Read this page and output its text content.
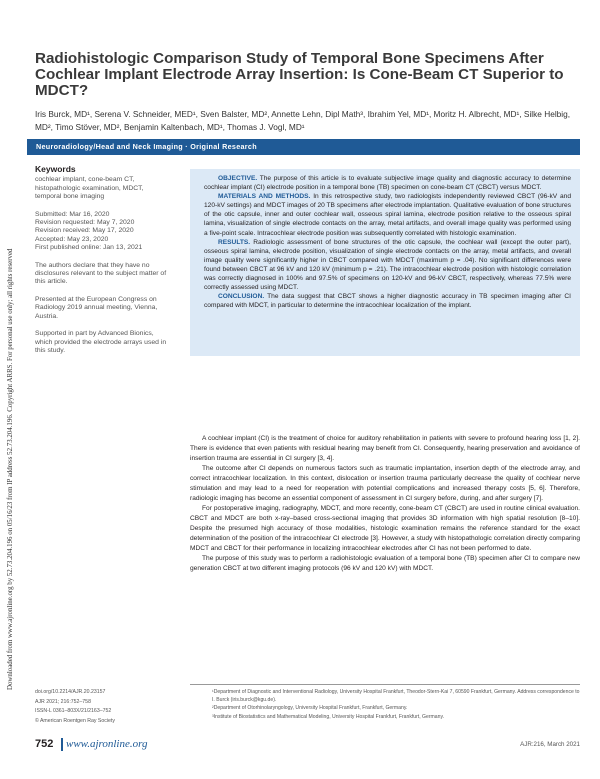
Downloaded from www.ajronline.org by 52.73.204.196 on 05/16/23 from IP address 52.73.204.196. Copyright ARRS. For personal use only; all rights reserved
Radiohistologic Comparison Study of Temporal Bone Specimens After Cochlear Implant Electrode Array Insertion: Is Cone-Beam CT Superior to MDCT?

Iris Burck, MD¹, Serena V. Schneider, MED¹, Sven Balster, MD², Annette Lehn, Dipl Math³, Ibrahim Yel, MD¹, Moritz H. Albrecht, MD¹, Silke Helbig, MD², Timo Stöver, MD², Benjamin Kaltenbach, MD¹, Thomas J. Vogl, MD¹

Neuroradiology/Head and Neck Imaging · Original Research
Keywords
cochlear implant, cone-beam CT, histopathologic examination, MDCT, temporal bone imaging
Submitted: Mar 16, 2020
Revision requested: May 7, 2020
Revision received: May 17, 2020
Accepted: May 23, 2020
First published online: Jan 13, 2021

The authors declare that they have no disclosures relevant to the subject matter of this article.

Presented at the European Congress on Radiology 2019 annual meeting, Vienna, Austria.

Supported in part by Advanced Bionics, which provided the electrode arrays used in this study.

OBJECTIVE. The purpose of this article is to evaluate subjective image quality and diagnostic accuracy to determine cochlear implant (CI) electrode position in a temporal bone (TB) specimen on cone-beam CT (CBCT) versus MDCT.

MATERIALS AND METHODS. In this retrospective study, two radiologists independently reviewed CBCT (96-kV and 120-kV settings) and MDCT images of 20 TB specimens after electrode implantation. Qualitative evaluation of bone structures of the otic capsule, inner and outer cochlear wall, osseous spiral lamina, electrode position relative to the osseous spiral lamina, visualization of single electrode contacts on the array, metal artifacts, and overall image quality was performed using a five-point scale. Intracochlear electrode position was subsequently correlated with histologic examination.

RESULTS. Radiologic assessment of bone structures of the otic capsule, the cochlear wall (except the outer part), osseous spiral lamina, electrode position, visualization of single electrode contacts on the array, metal artifacts, and overall image quality were significantly higher in CBCT compared with MDCT (maximum p = .04). No significant differences were found between CBCT at 96 kV and 120 kV (minimum p = .21). The intracochlear electrode position with histologic correlation was correctly diagnosed in 100% and 97.5% of specimens on 120-kV and 96-kV CBCT, respectively, whereas 77.5% were correctly assessed using MDCT.

CONCLUSION. The data suggest that CBCT shows a higher diagnostic accuracy in TB specimen imaging after CI compared with MDCT, in particular to determine the intracochlear localization of the implant.

A cochlear implant (CI) is the treatment of choice for auditory rehabilitation in patients with severe to profound hearing loss [1, 2]. There is evidence that even patients with residual hearing may benefit from CI. Consequently, hearing preservation and avoidance of insertion trauma are essential in CI surgery [3, 4].

The outcome after CI depends on numerous factors such as traumatic implantation, insertion depth of the electrode array, and correct intracochlear localization. In this context, dislocation or insertion trauma particularly decrease the quality of cochlear nerve stimulation and may lead to a need for reoperation with potential complications and increased therapy costs [5, 6]. Therefore, radiologic imaging has become an essential component of assessment in CI surgery before, during, and after surgery [7].

For postoperative imaging, radiography, MDCT, and more recently, cone-beam CT (CBCT) are used in routine clinical evaluation. CBCT and MDCT are both x-ray–based cross-sectional imaging that provides 3D information with high spatial resolution [8–10]. Despite the presumed high accuracy of those modalities, histologic examination remains the reference standard for the exact determination of the position of the intracochlear CI electrode [3]. However, a study with histopathologic correlation directly comparing MDCT and CBCT for their performance in localizing intracochlear electrodes after CI has not been performed to date.

The purpose of this study was to perform a radiohistologic evaluation of a temporal bone (TB) specimen after CI to compare new generation CBCT at two different imaging protocols (96 kV and 120 kV) with MDCT.

doi.org/10.2214/AJR.20.23157

AJR 2021; 216:752–758

ISSN-L 0361–803X/21/2163–752

© American Roentgen Ray Society

¹Department of Diagnostic and Interventional Radiology, University Hospital Frankfurt, Theodor-Stern-Kai 7, 60590 Frankfurt, Germany. Address correspondence to I. Burck (iris.burck@kgu.de).

²Department of Otorhinolaryngology, University Hospital Frankfurt, Frankfurt, Germany.

³Institute of Biostatistics and Mathematical Modeling, University Hospital Frankfurt, Frankfurt, Germany.

752 www.ajronline.org	AJR:216, March 2021
